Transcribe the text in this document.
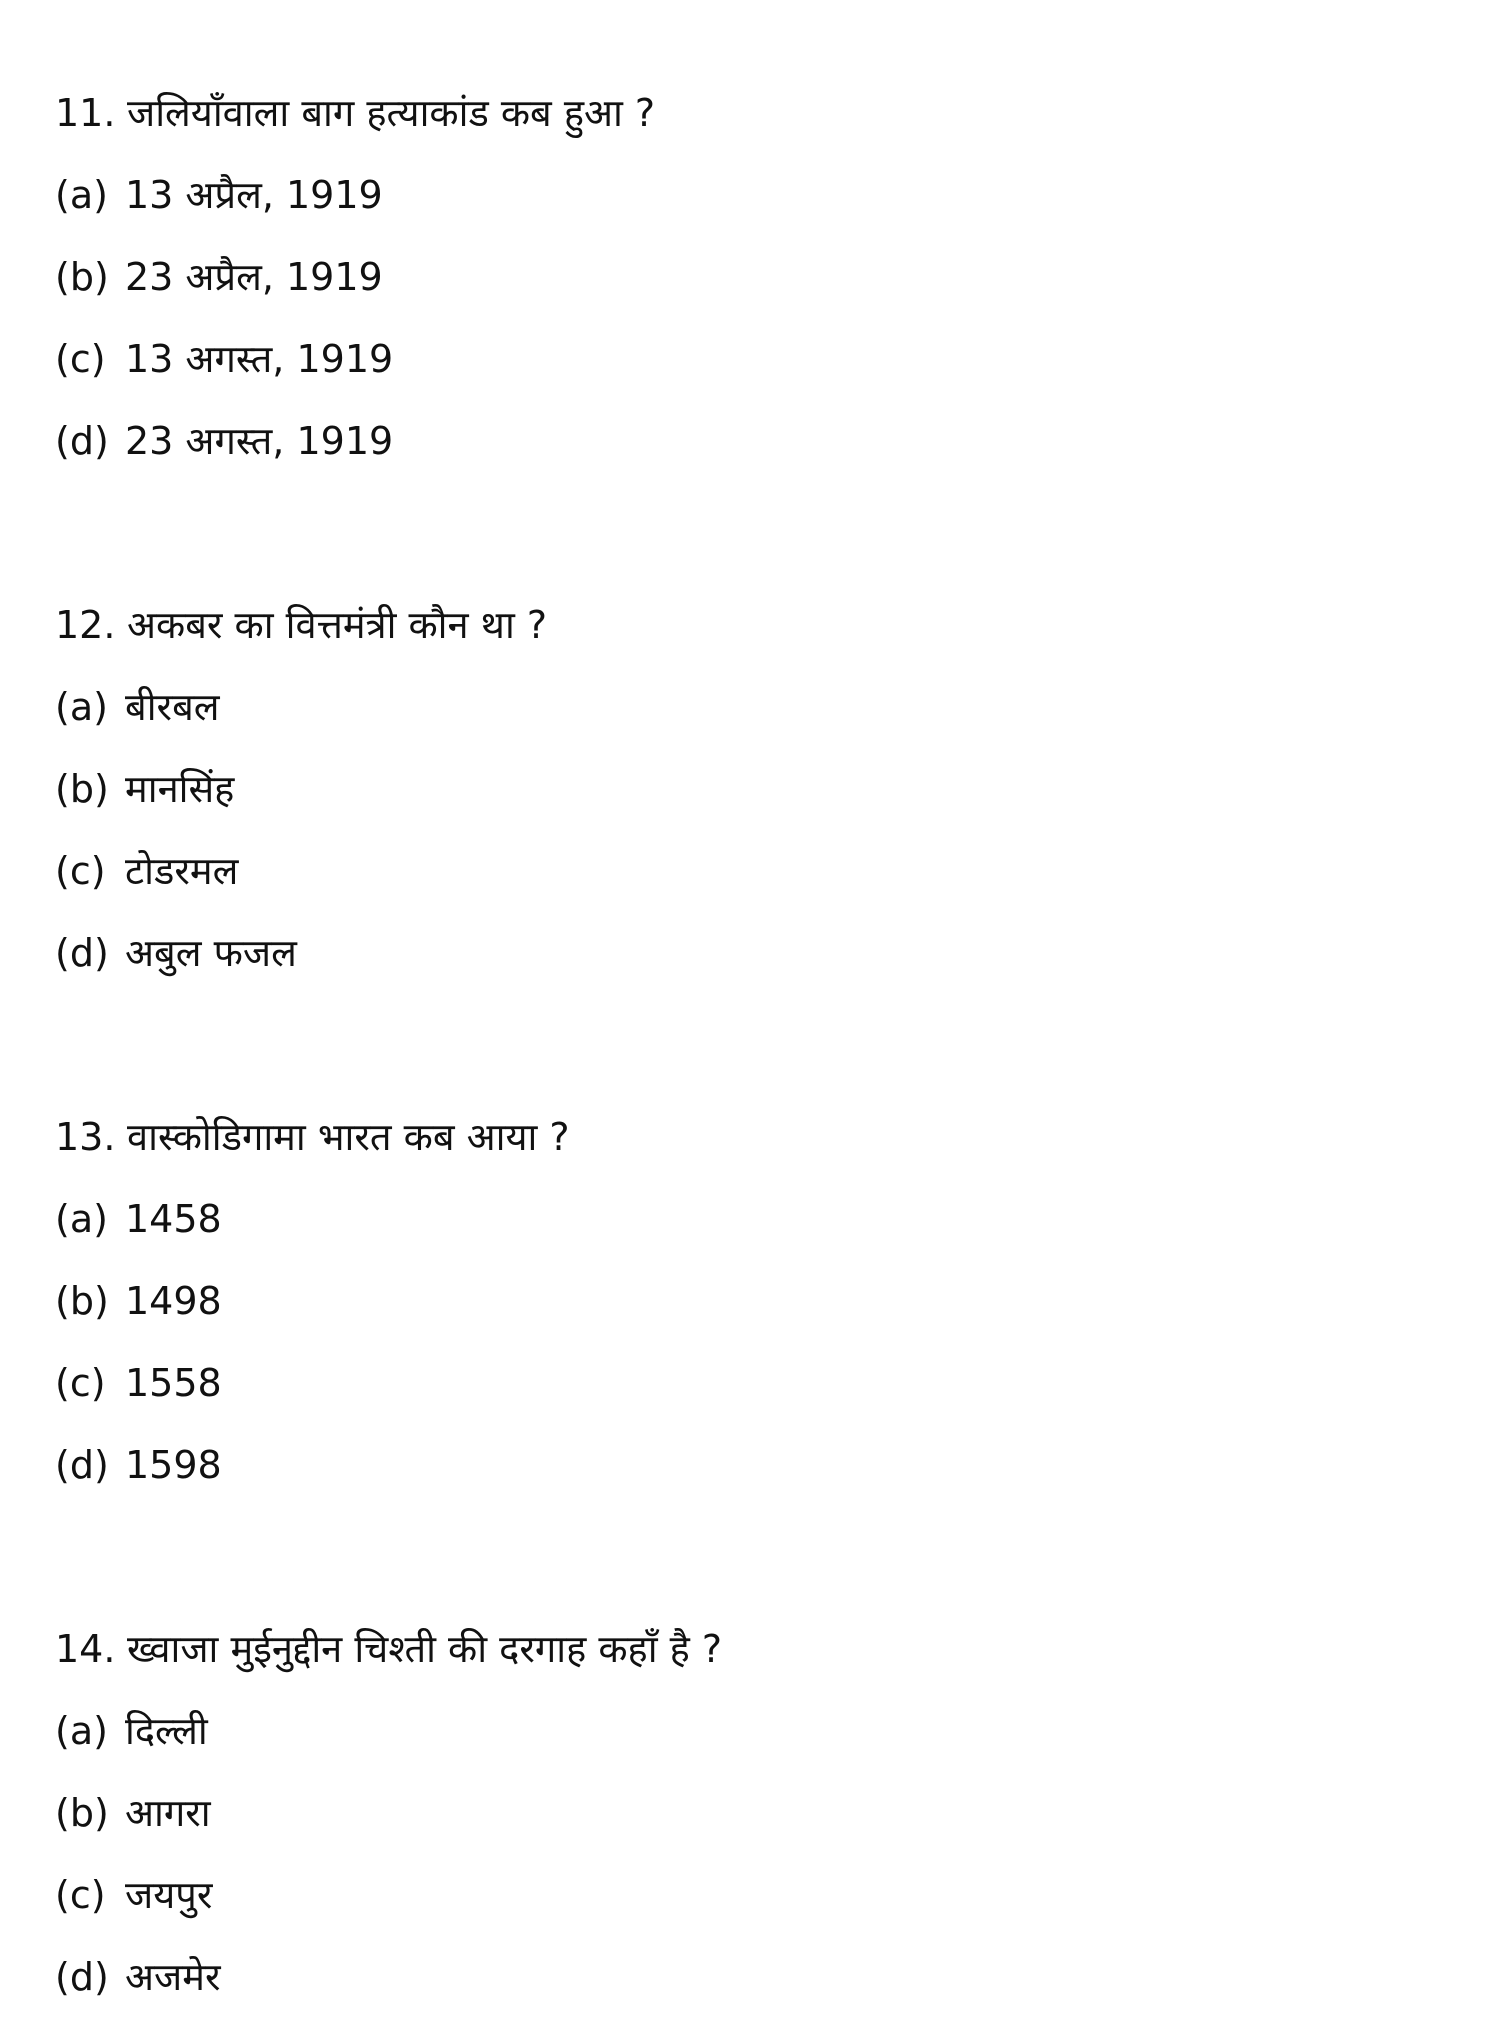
11. जलियाँवाला बाग हत्याकांड कब हुआ ?
(a) 13 अप्रैल, 1919
(b) 23 अप्रैल, 1919
(c) 13 अगस्त, 1919
(d) 23 अगस्त, 1919
12. अकबर का वित्तमंत्री कौन था ?
(a) बीरबल
(b) मानसिंह
(c) टोडरमल
(d) अबुल फजल
13. वास्कोडिगामा भारत कब आया ?
(a) 1458
(b) 1498
(c) 1558
(d) 1598
14. ख्वाजा मुईनुद्दीन चिश्ती की दरगाह कहाँ है ?
(a) दिल्ली
(b) आगरा
(c) जयपुर
(d) अजमेर
